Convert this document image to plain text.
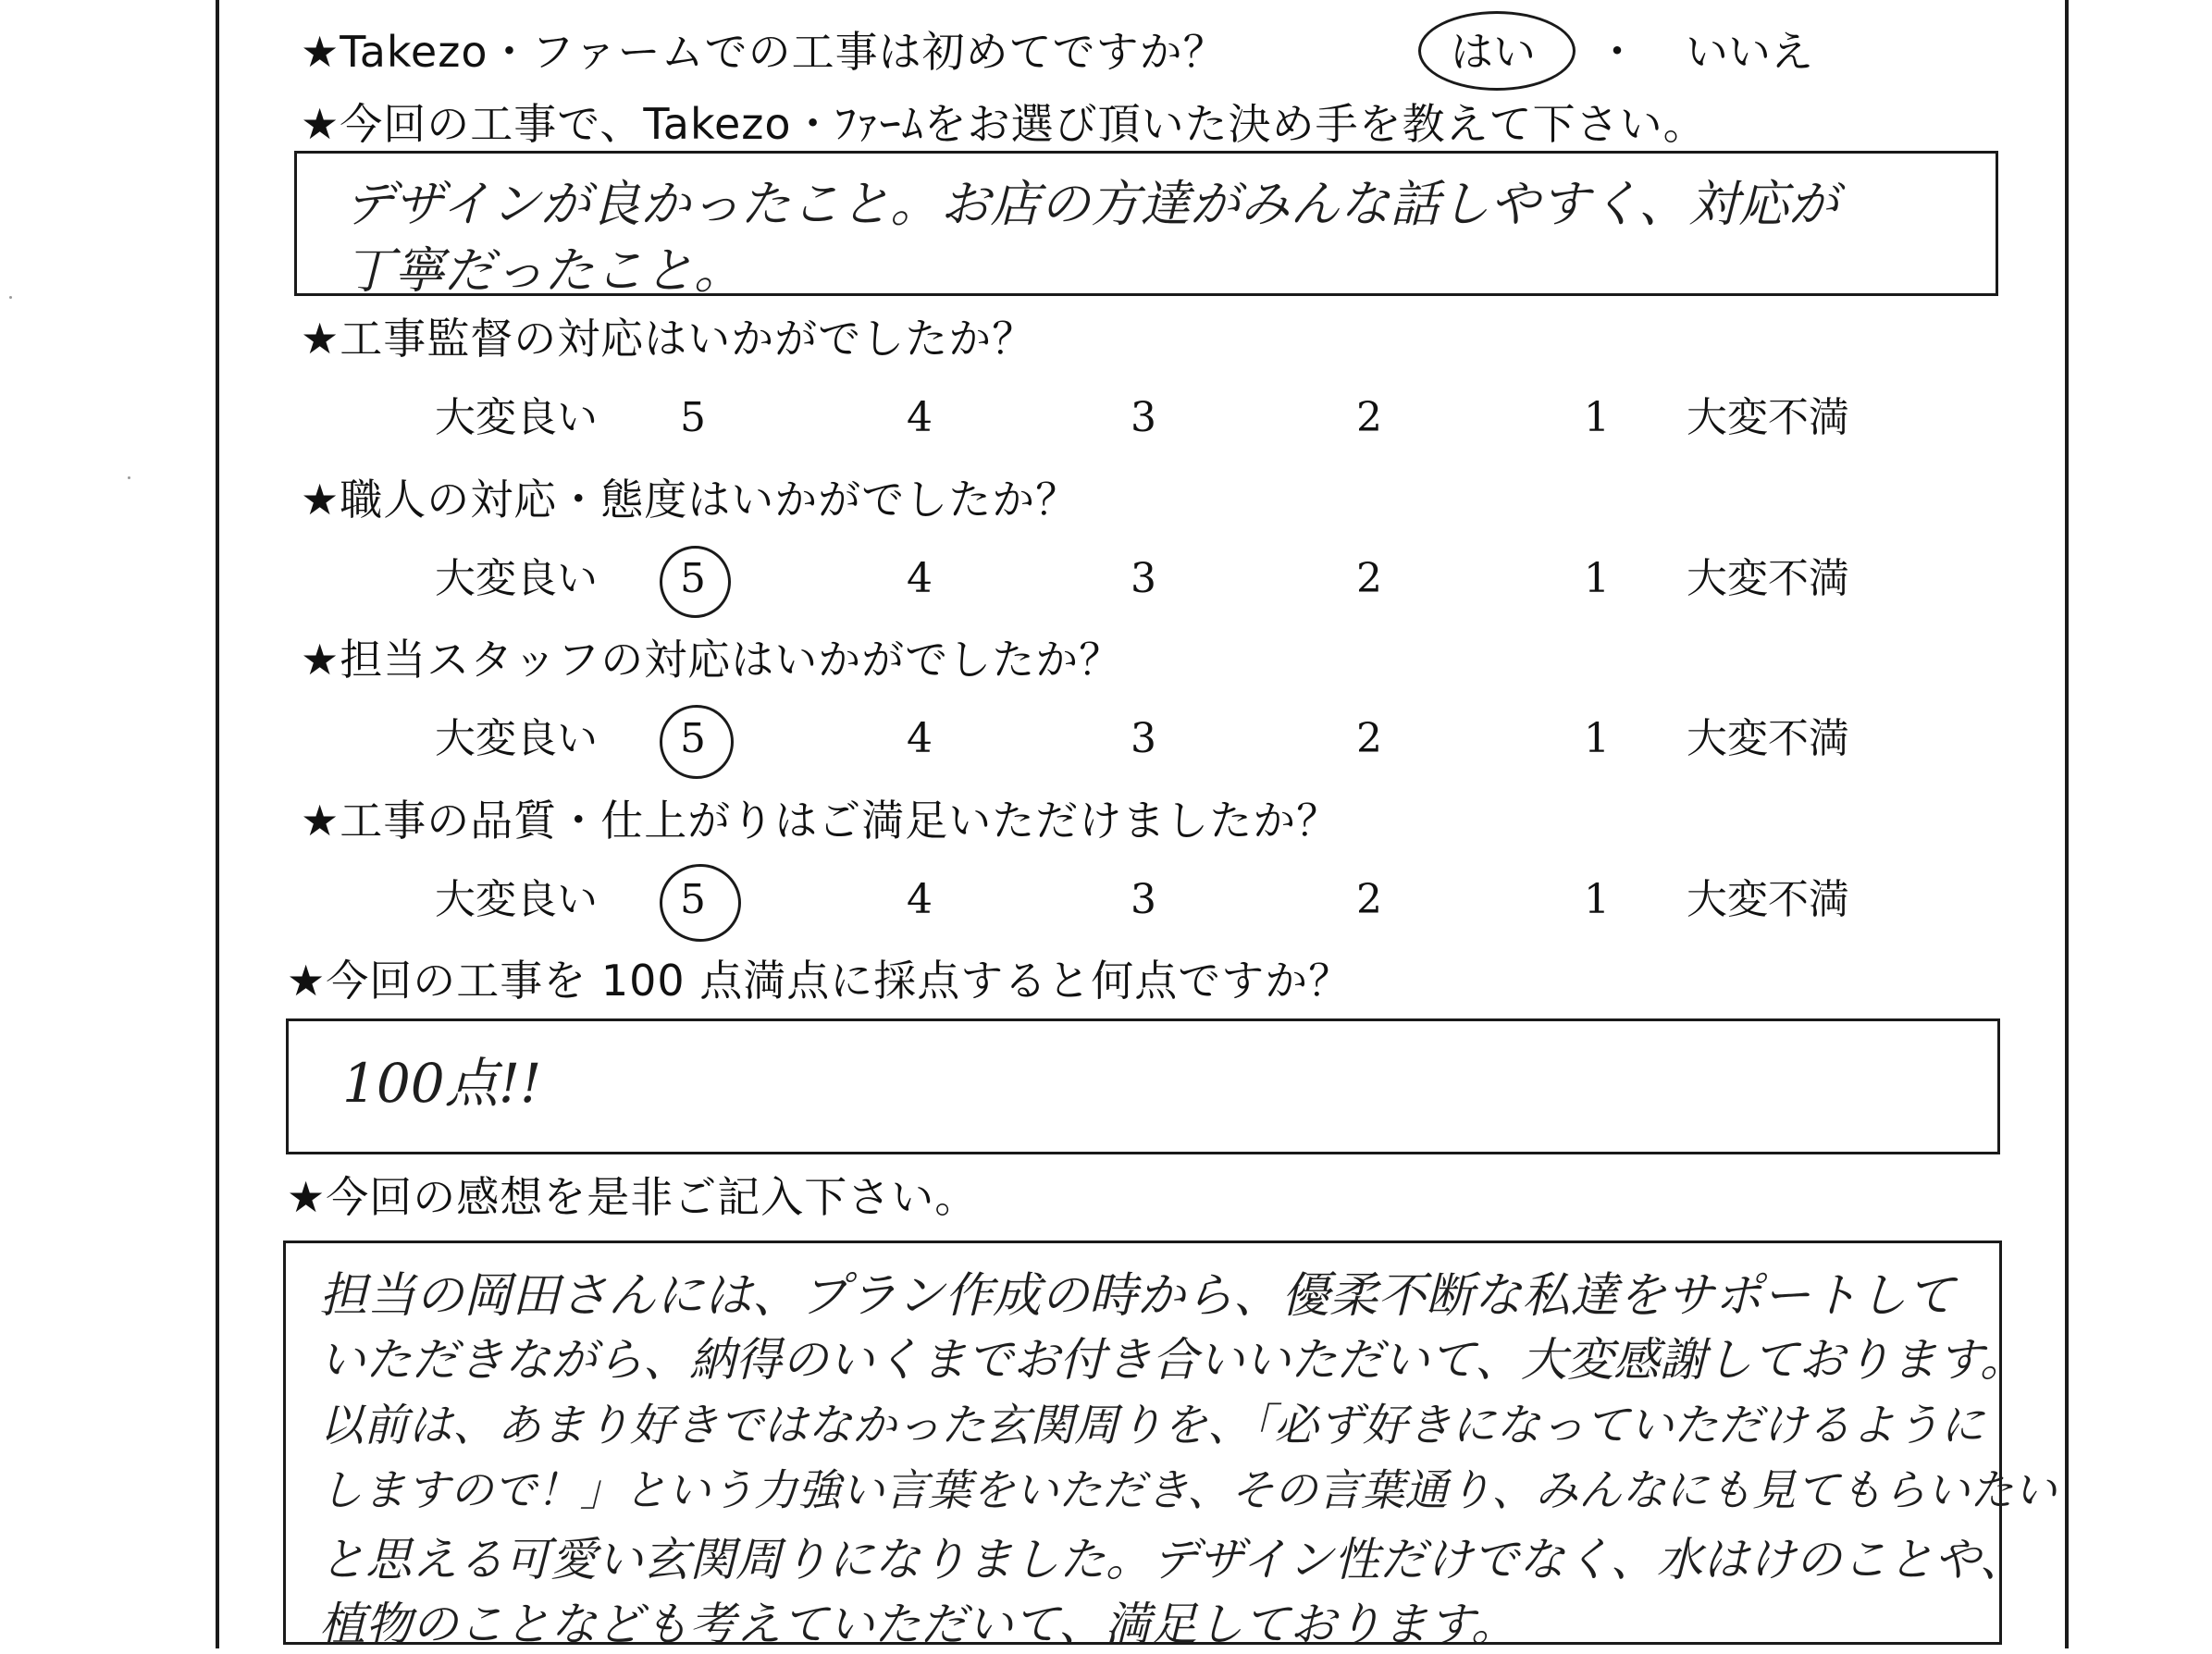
★Takezo・ファームでの工事は初めてですか？	はい ・ いいえ
★今回の工事で、Takezo・ﾌｧｰﾑをお選び頂いた決め手を教えて下さい。
デザインが良かったこと。お店の方達がみんな話しやすく、対応が
丁寧だったこと。
★工事監督の対応はいかがでしたか？
大変良い 5	4	3	2	1 大変不満
★職人の対応・態度はいかがでしたか？
大変良い 5	4	3	2	1 大変不満
★担当スタッフの対応はいかがでしたか？
大変良い 5	4	3	2	1 大変不満
★工事の品質・仕上がりはご満足いただけましたか？
大変良い 5	4	3	2	1 大変不満
★今回の工事を 100 点満点に採点すると何点ですか？
100点!!
★今回の感想を是非ご記入下さい。
担当の岡田さんには、プラン作成の時から、優柔不断な私達をサポートして
いただきながら、納得のいくまでお付き合いいただいて、大変感謝しております。
以前は、あまり好きではなかった玄関周りを、「必ず好きになっていただけるように
しますので！」という力強い言葉をいただき、その言葉通り、みんなにも見てもらいたい
と思える可愛い玄関周りになりました。デザイン性だけでなく、水はけのことや、
植物のことなども考えていただいて、満足しております。
